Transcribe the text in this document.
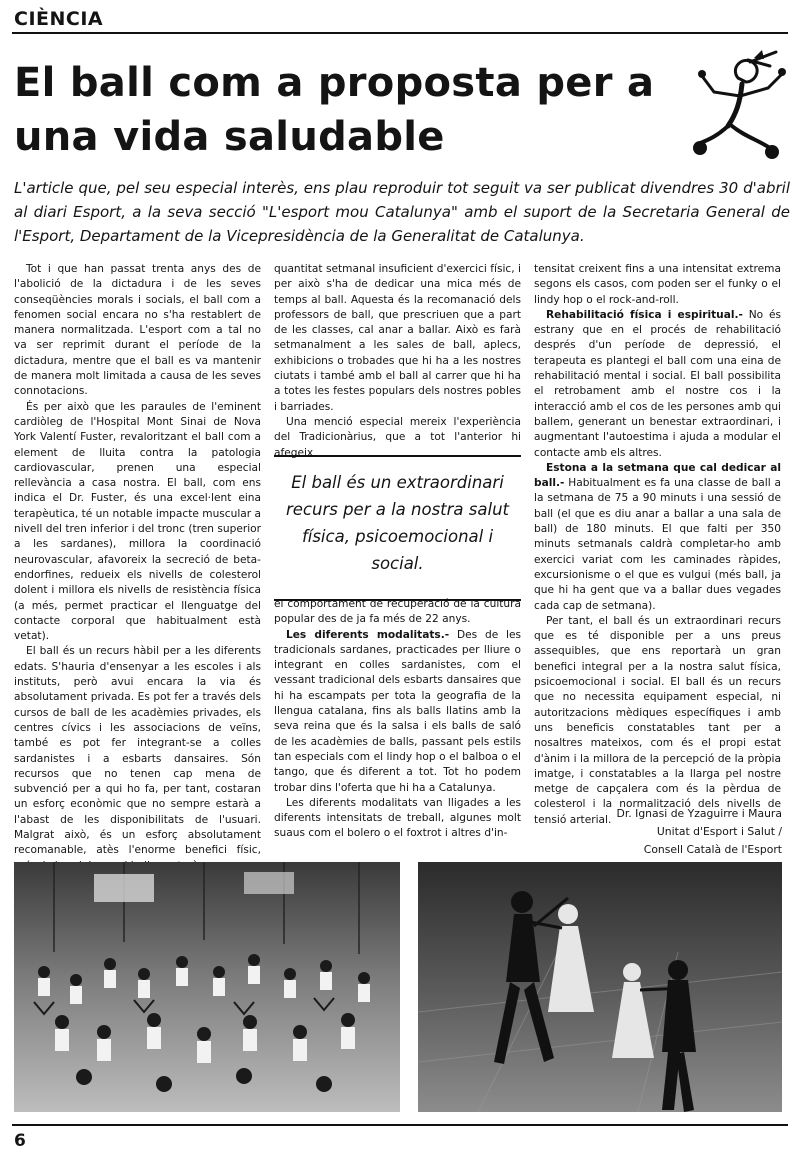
CIÈNCIA
El ball com a proposta per a una vida saludable

L'article que, pel seu especial interès, ens plau reproduir tot seguit va ser publicat divendres 30 d'abril al diari Esport, a la seva secció "L'esport mou Catalunya" amb el suport de la Secretaria General de l'Esport, Departament de la Vicepresidència de la Generalitat de Catalunya.

Tot i que han passat trenta anys des de l'abolició de la dictadura i de les seves conseqüències morals i socials, el ball com a fenomen social encara no s'ha restablert de manera normalitzada. L'esport com a tal no va ser reprimit durant el període de la dictadura, mentre que el ball es va mantenir de manera molt limitada a causa de les seves connotacions.

És per això que les paraules de l'eminent cardiòleg de l'Hospital Mont Sinai de Nova York Valentí Fuster, revaloritzant el ball com a element de lluita contra la patologia cardiovascular, prenen una especial rellevància a casa nostra. El ball, com ens indica el Dr. Fuster, és una excel·lent eina terapèutica, té un notable impacte muscular a nivell del tren inferior i del tronc (tren superior a les sardanes), millora la coordinació neurovascular, afavoreix la secreció de beta-endorfines, redueix els nivells de colesterol dolent i millora els nivells de resistència física (a més, permet practicar el llenguatge del contacte corporal que habitualment està vetat).

El ball és un recurs hàbil per a les diferents edats. S'hauria d'ensenyar a les escoles i als instituts, però avui encara la via és absolutament privada. Es pot fer a través dels cursos de ball de les acadèmies privades, els centres cívics i les associacions de veïns, també es pot fer integrant-se a colles sardanistes i a esbarts dansaires. Són recursos que no tenen cap mena de subvenció per a qui ho fa, per tant, costaran un esforç econòmic que no sempre estarà a l'abast de les disponibilitats de l'usuari. Malgrat això, és un esforç absolutament recomanable, atès l'enorme benefici físic,

quantitat setmanal insuficient d'exercici físic, i per això s'ha de dedicar una mica més de temps al ball. Aquesta és la recomanació dels professors de ball, que prescriuen que a part de les classes, cal anar a ballar. Això es farà setmanalment a les sales de ball, aplecs, exhibicions o trobades que hi ha a les nostres ciutats i també amb el ball al carrer que hi ha a totes les festes populars dels nostres pobles i barriades.

Una menció especial mereix l'experiència del Tradicionàrius, que a tot l'anterior hi afegeix

El ball és un extraordinari recurs per a la nostra salut física, psicoemocional i social.

el comportament de recuperació de la cultura popular des de ja fa més de 22 anys.

Les diferents modalitats.- Des de les tradicionals sardanes, practicades per lliure o integrant en colles sardanistes, com el vessant tradicional dels esbarts dansaires que hi ha escampats per tota la geografia de la llengua catalana, fins als balls llatins amb la seva reina que és la salsa i els balls de saló de les acadèmies de balls, passant pels estils tan especials com el lindy hop o el balboa o el tango, que és diferent a tot. Tot ho podem trobar dins l'oferta que hi ha a Catalunya.

Les diferents modalitats van lligades a les diferents intensitats de treball, algunes molt suaus com el bolero o el foxtrot i altres d'in-

tensitat creixent fins a una intensitat extrema segons els casos, com poden ser el funky o el lindy hop o el rock-and-roll.

Rehabilitació física i espiritual.- No és estrany que en el procés de rehabilitació després d'un període de depressió, el terapeuta es plantegi el ball com una eina de rehabilitació mental i social. El ball possibilita el retrobament amb el nostre cos i la interacció amb el cos de les persones amb qui ballem, generant un benestar extraordinari, i augmentant l'autoestima i ajuda a modular el contacte amb els altres.

Estona a la setmana que cal dedicar al ball.- Habitualment es fa una classe de ball a la setmana de 75 a 90 minuts i una sessió de ball (el que es diu anar a ballar a una sala de ball) de 180 minuts. El que falti per 350 minuts setmanals caldrà completar-ho amb exercici variat com les caminades ràpides, excursionisme o el que es vulgui (més ball, ja que hi ha gent que va a ballar dues vegades cada cap de setmana).

Per tant, el ball és un extraordinari recurs que es té disponible per a uns preus assequibles, que ens reportarà un gran benefici integral per a la nostra salut física, psicoemocional i social. El ball és un recurs que no necessita equipament especial, ni autoritzacions mèdiques específiques i amb uns beneficis constatables tant per a nosaltres mateixos, com és el propi estat d'ànim i la millora de la percepció de la pròpia imatge, i constatables a la llarga pel nostre metge de capçalera com és la pèrdua de colesterol i la normalització dels nivells de tensió arterial. Dr. Ignasi de Yzaguirre i Maura
Unitat d'Esport i Salut /
Consell Català de l'Esport
6
